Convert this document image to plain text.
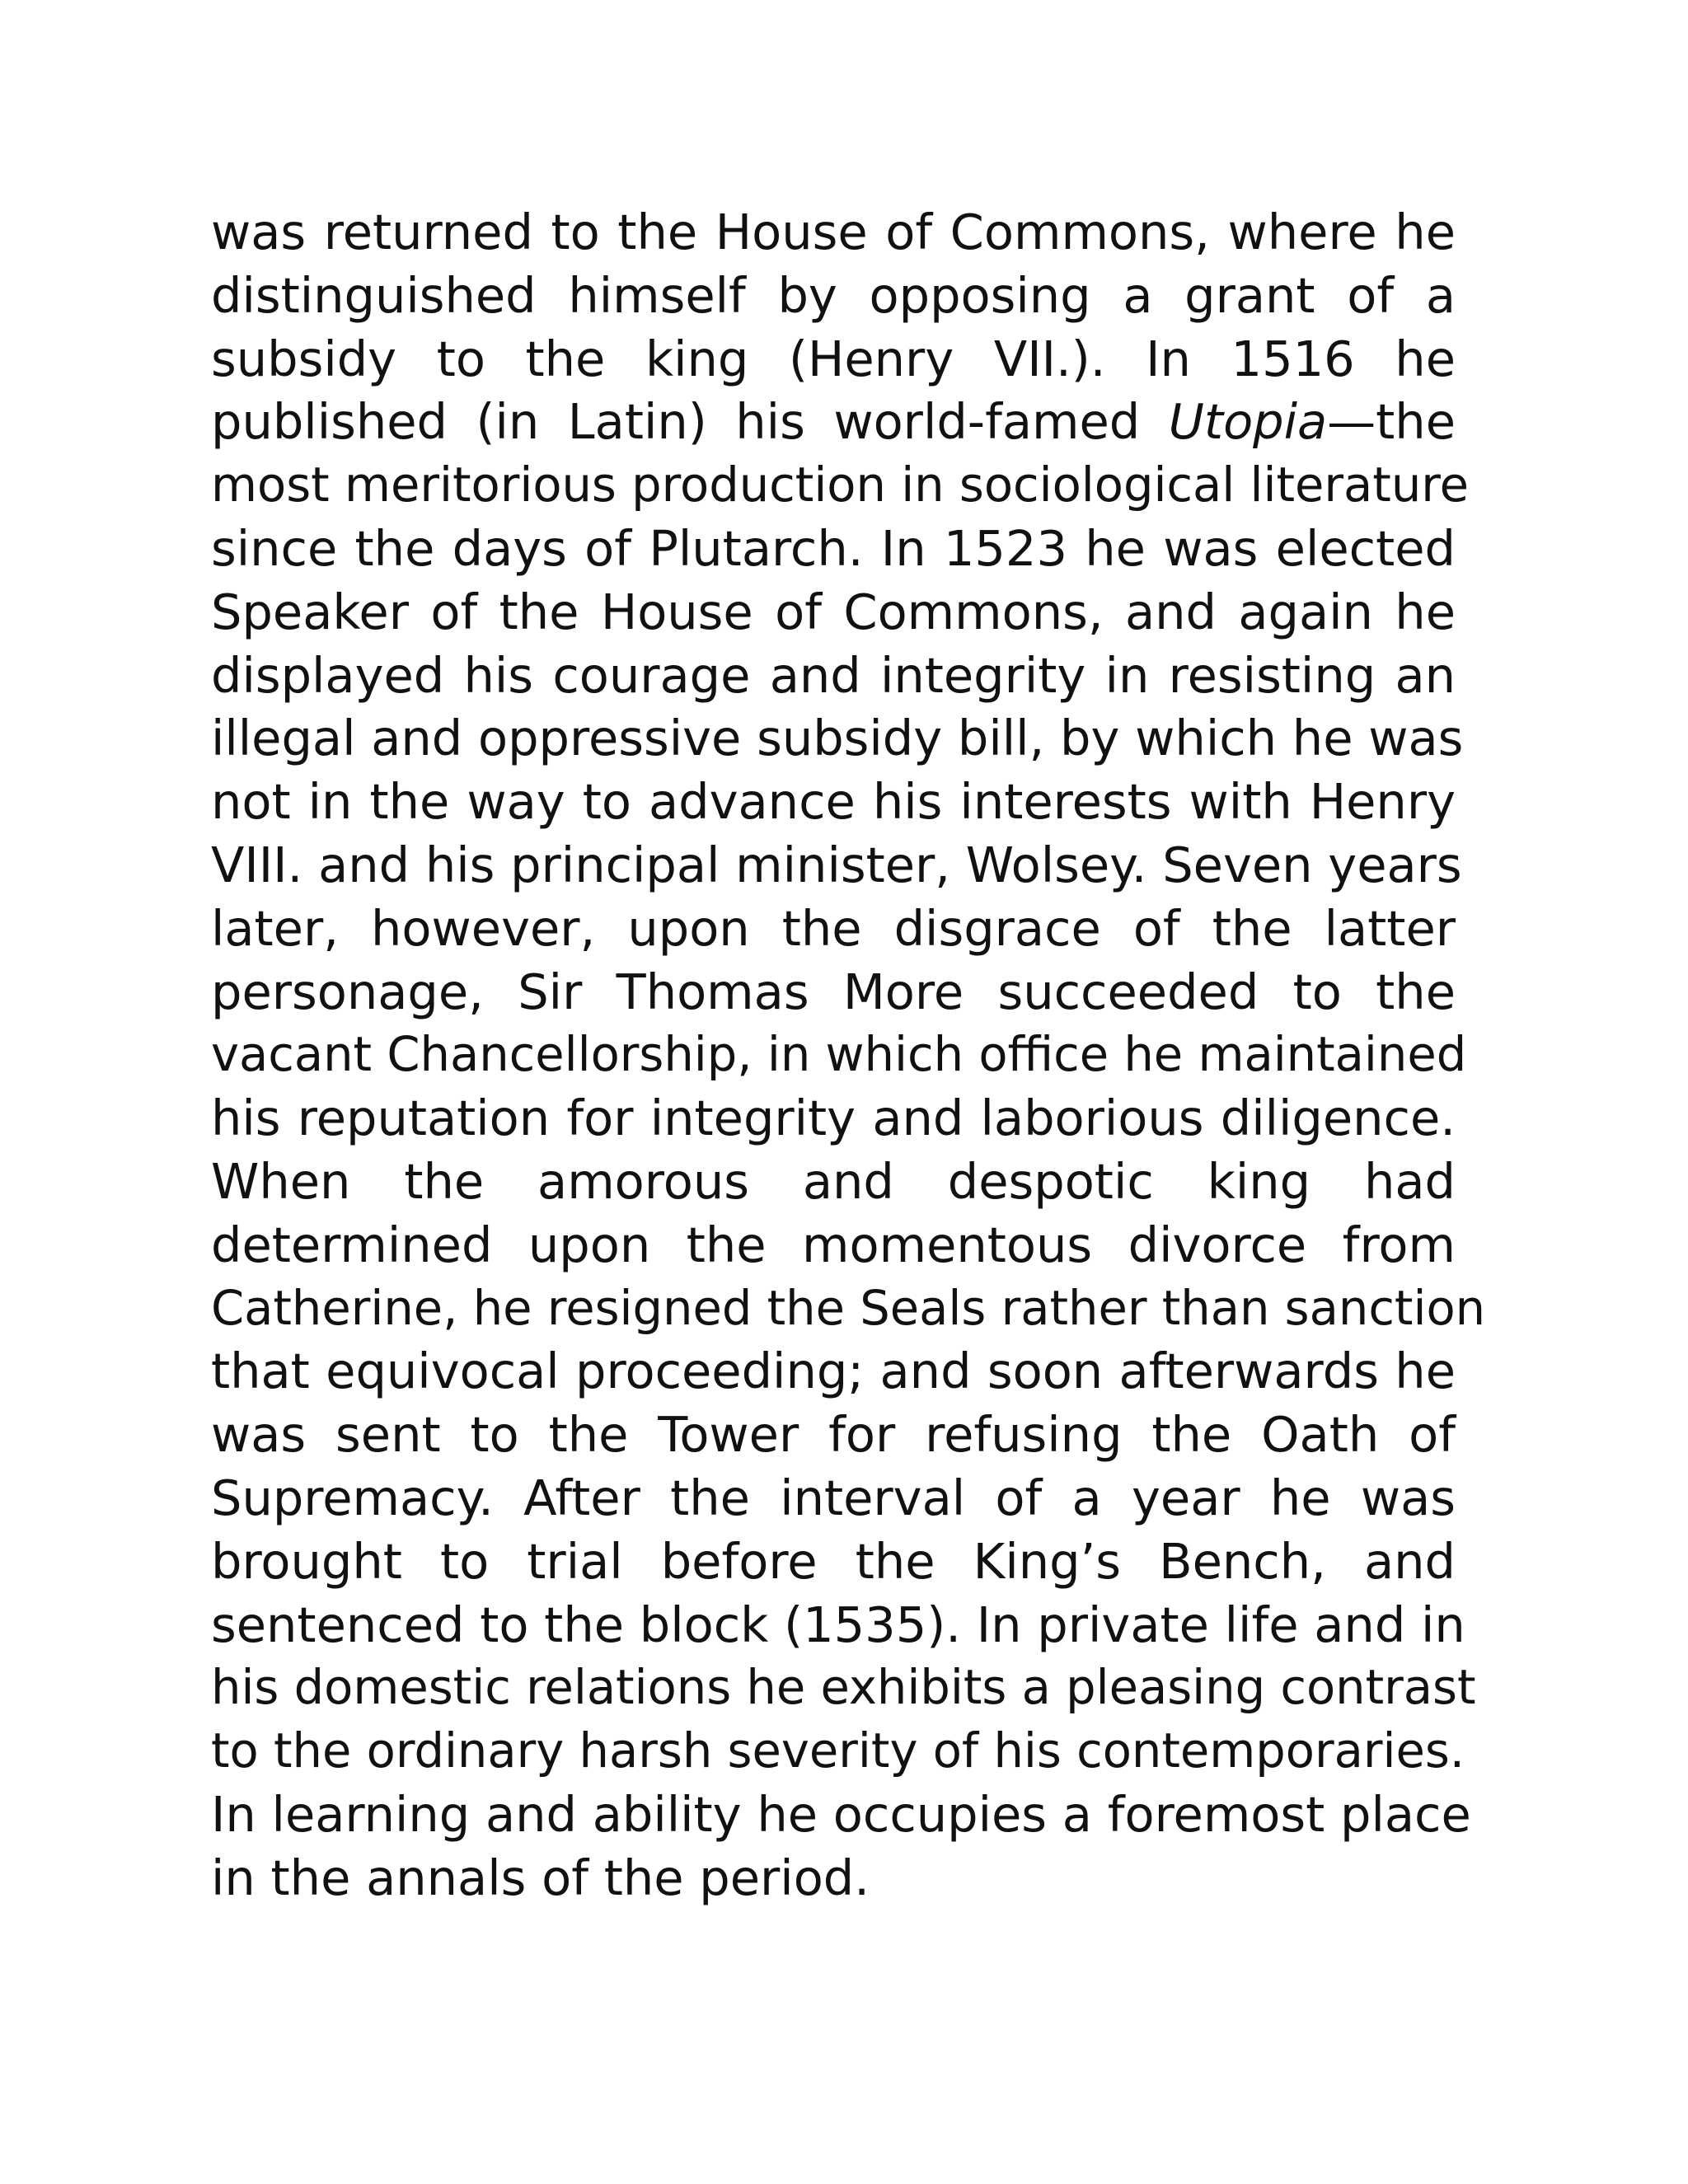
was returned to the House of Commons, where he
distinguished himself by opposing a grant of a
subsidy to the king (Henry VII.). In 1516 he
published (in Latin) his world-famed Utopia—the
most meritorious production in sociological literature
since the days of Plutarch. In 1523 he was elected
Speaker of the House of Commons, and again he
displayed his courage and integrity in resisting an
illegal and oppressive subsidy bill, by which he was
not in the way to advance his interests with Henry
VIII. and his principal minister, Wolsey. Seven years
later, however, upon the disgrace of the latter
personage, Sir Thomas More succeeded to the
vacant Chancellorship, in which office he maintained
his reputation for integrity and laborious diligence.
When the amorous and despotic king had
determined upon the momentous divorce from
Catherine, he resigned the Seals rather than sanction
that equivocal proceeding; and soon afterwards he
was sent to the Tower for refusing the Oath of
Supremacy. After the interval of a year he was
brought to trial before the King’s Bench, and
sentenced to the block (1535). In private life and in
his domestic relations he exhibits a pleasing contrast
to the ordinary harsh severity of his contemporaries.
In learning and ability he occupies a foremost place
in the annals of the period.
